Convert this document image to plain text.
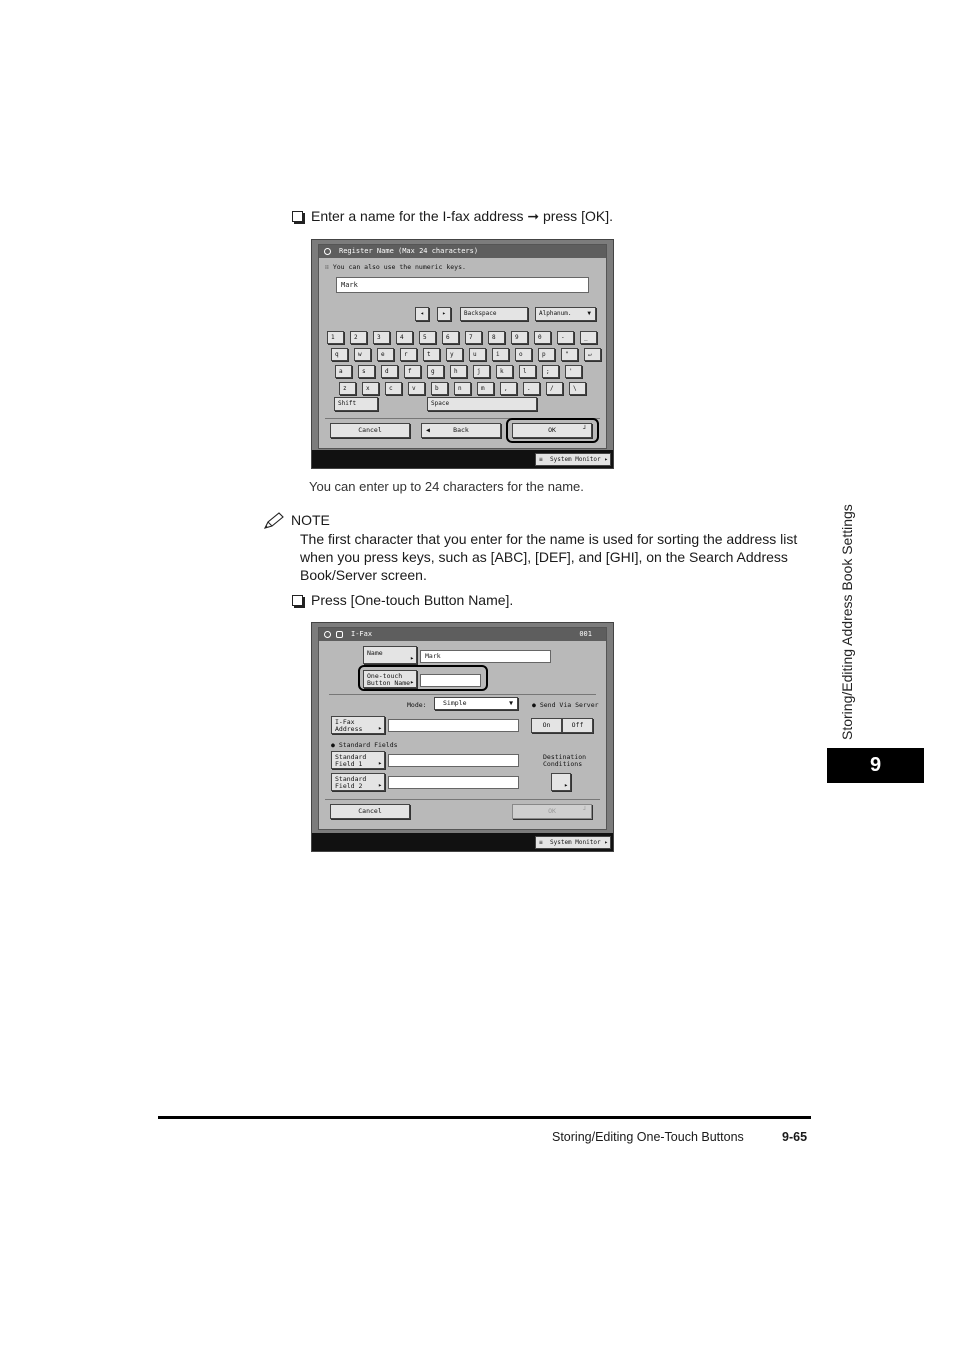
Enter a name for the I-fax address ➞ press [OK].
Register Name (Max 24 characters)
∷ You can also use the numeric keys.
Mark
◂	▸	Backspace	Alphanum.	▼
1	2	3	4	5	6	7	8	9	0	-	_
q	w	e	r	t	y	u	i	o	p	"	↵
a	s	d	f	g	h	j	k	l	;	'
z	x	c	v	b	n	m	,	.	/	\
Shift	Space
Cancel	◀	Back	OK	┘
≡ System Monitor ▸
You can enter up to 24 characters for the name.
NOTE
The first character that you enter for the name is used for sorting the address list when you press keys, such as [ABC], [DEF], and [GHI], on the Search Address Book/Server screen.
Press [One-touch Button Name].
I-Fax	001
Name
▸	Mark
One-touch
Button Name ▸
Mode:	Simple	▼	● Send Via Server
I-Fax
Address	▸	On	Off
● Standard Fields
Standard
Field 1	▸
Standard
Field 2	▸
Destination
Conditions
▸
Cancel	OK	┘
≡ System Monitor ▸
Storing/Editing Address Book Settings
9
Storing/Editing One-Touch Buttons	9-65
